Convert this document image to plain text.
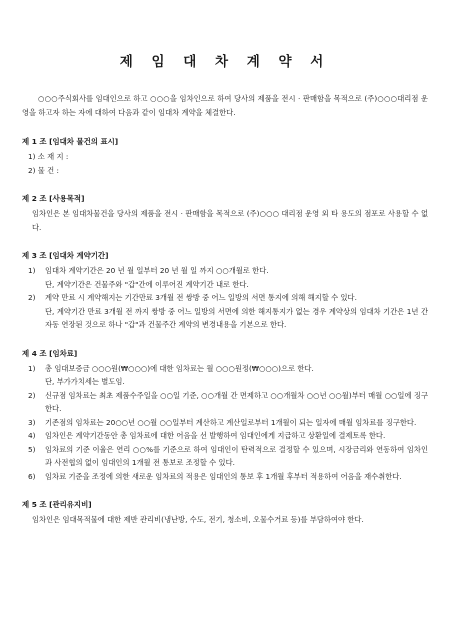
제 임 대 차 계 약 서

○○○주식회사를 임대인으로 하고 ○○○을 임차인으로 하여 당사의 제품을 전시 · 판매함을 목적으로 (주)○○○대리점 운영을 하고자 하는 자에 대하여 다음과 같이 임대차 계약을 체결한다.

제 1 조 [임대차 물건의 표시]
1) 소 재 지 :
2) 물 건 :
제 2 조 [사용목적]
임차인은 본 임대차물건을 당사의 제품을 전시 · 판매함을 목적으로 (주)○○○ 대리점 운영 외 타 용도의 점포로 사용할 수 없다.
제 3 조 [임대차 계약기간]
1)	임대차 계약기간은 20 년 월 일부터 20 년 월 일 까지 ○○개월로 한다.
단, 계약기간은 건물주와 "갑"간에 이루어진 계약기간 내로 한다.
2)	계약 만료 시 계약해지는 기간만료 3개월 전 쌍방 중 어느 일방의 서면 통지에 의해 해지할 수 있다.
단, 계약기간 만료 3개월 전 까지 쌍방 중 어느 일방의 서면에 의한 해지통지가 없는 경우 계약상의 임대차 기간은 1년 간 자동 연장된 것으로 하나 "갑"과 건물주간 계약의 변경내용을 기본으로 한다.
제 4 조 [임차료]
1)	총 임대보증금 ○○○원(₩○○○)에 대한 임차료는 월 ○○○원정(₩○○○)으로 한다.
단, 부가가치세는 별도임.
2)	신규점 임차료는 최초 제품수주일을 ○○일 기준, ○○개월 간 면제하고 ○○개월차 ○○년 ○○월)부터 매월 ○○일에 징구한다.
3)	기존점의 임차료는 20○○년 ○○월 ○○일부터 계산하고 계산일로부터 1개월이 되는 일자에 매월 임차료를 징구한다.
4)	임차인은 계약기간동안 총 임차료에 대한 어음을 선 발행하여 임대인에게 지급하고 상환일에 결제토록 한다.
5)	임차료의 기준 이율은 연리 ○○%를 기준으로 하여 임대인이 탄력적으로 결정할 수 있으며, 시장금리와 연동하여 임차인과 사전협의 없이 임대인의 1개월 전 통보로 조정할 수 있다.
6)	임차료 기준을 조정에 의한 새로운 임차료의 적용은 임대인의 통보 후 1개월 후부터 적용하여 어음을 재수취한다.
제 5 조 [관리유지비]
임차인은 임대목적물에 대한 제반 관리비(냉난방, 수도, 전기, 청소비, 오물수거료 등)를 부담하여야 한다.
